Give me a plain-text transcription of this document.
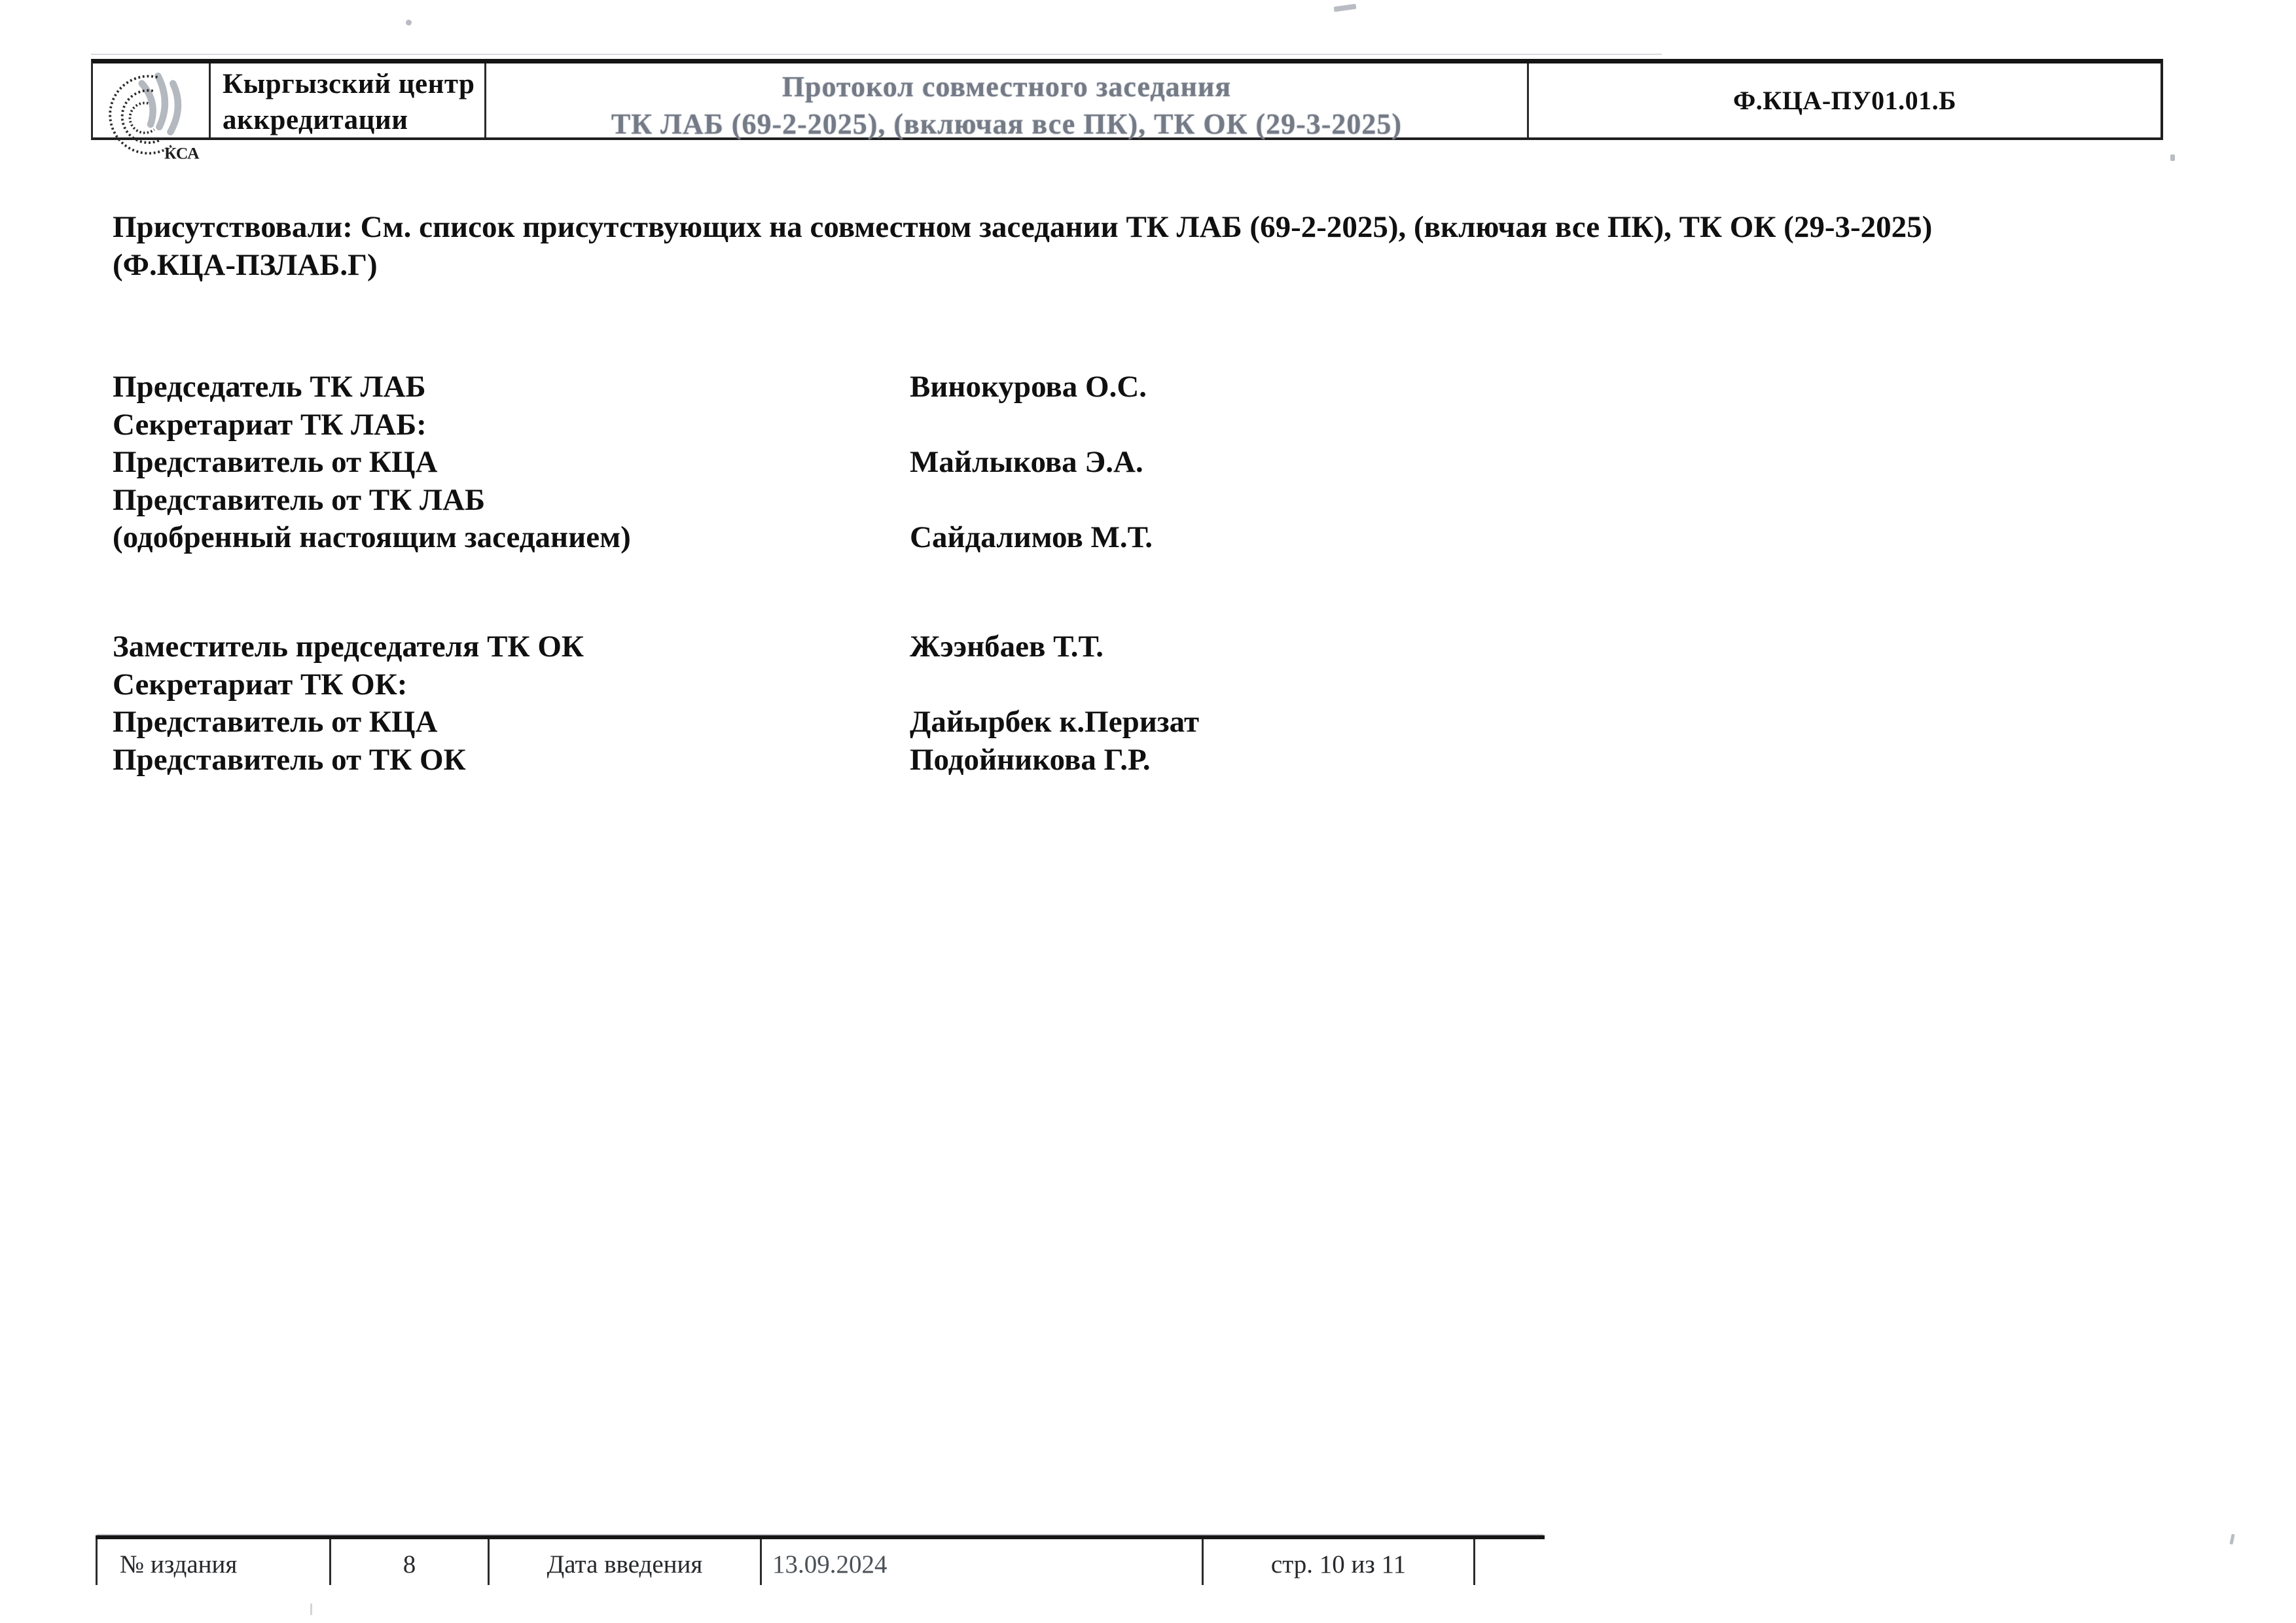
КСА
Кыргызский центр
аккредитации
Протокол совместного заседания
ТК ЛАБ (69-2-2025), (включая все ПК), ТК ОК (29-3-2025)
Ф.КЦА-ПУ01.01.Б
Присутствовали: См. список присутствующих на совместном заседании ТК ЛАБ (69-2-2025), (включая все ПК), ТК ОК (29-3-2025)
(Ф.КЦА-ПЗЛАБ.Г)
Председатель ТК ЛАБ	Винокурова О.С.
Секретариат ТК ЛАБ:
Представитель от КЦА	Майлыкова Э.А.
Представитель от ТК ЛАБ
(одобренный настоящим заседанием)	Сайдалимов М.Т.
Заместитель председателя ТК ОК	Жээнбаев Т.Т.
Секретариат ТК ОК:
Представитель от КЦА	Дайырбек к.Перизат
Представитель от ТК ОК	Подойникова Г.Р.
№ издания	8	Дата введения	13.09.2024	стр. 10 из 11
